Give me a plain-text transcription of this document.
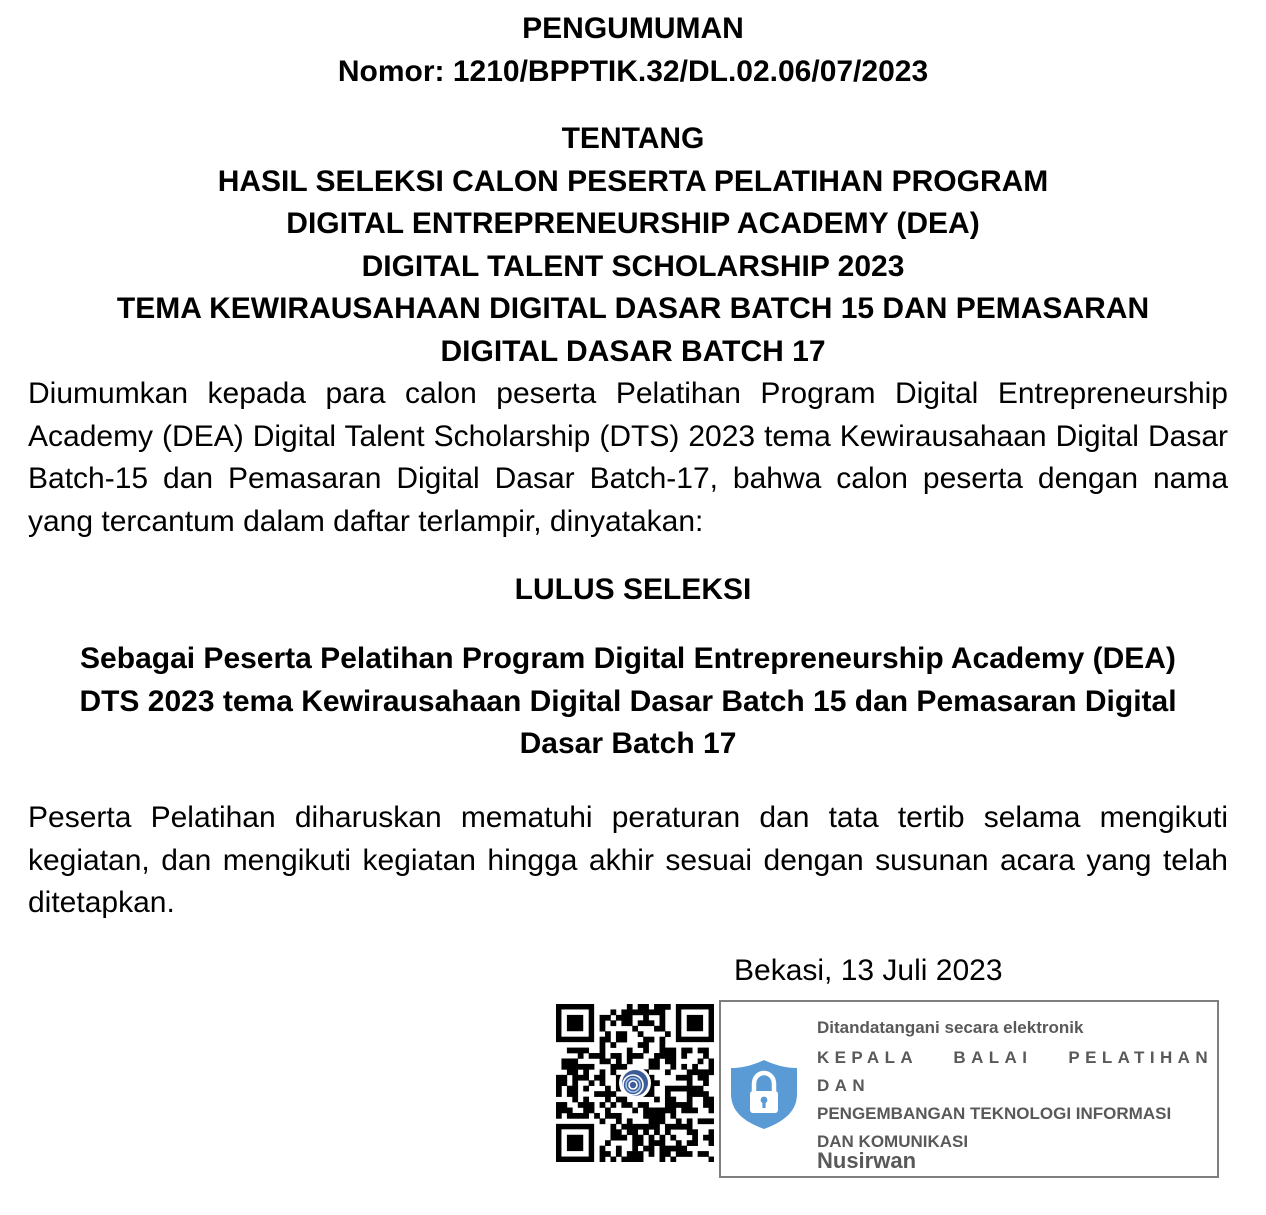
PENGUMUMAN
Nomor: 1210/BPPTIK.32/DL.02.06/07/2023
TENTANG
HASIL SELEKSI CALON PESERTA PELATIHAN PROGRAM
DIGITAL ENTREPRENEURSHIP ACADEMY (DEA)
DIGITAL TALENT SCHOLARSHIP 2023
TEMA KEWIRAUSAHAAN DIGITAL DASAR BATCH 15 DAN PEMASARAN
DIGITAL DASAR BATCH 17
Diumumkan kepada para calon peserta Pelatihan Program Digital Entrepreneurship Academy (DEA) Digital Talent Scholarship (DTS) 2023 tema Kewirausahaan Digital Dasar Batch-15 dan Pemasaran Digital Dasar Batch-17, bahwa calon peserta dengan nama yang tercantum dalam daftar terlampir, dinyatakan:
LULUS SELEKSI
Sebagai Peserta Pelatihan Program Digital Entrepreneurship Academy (DEA)
DTS 2023 tema Kewirausahaan Digital Dasar Batch 15 dan Pemasaran Digital
Dasar Batch 17
Peserta Pelatihan diharuskan mematuhi peraturan dan tata tertib selama mengikuti kegiatan, dan mengikuti kegiatan hingga akhir sesuai dengan susunan acara yang telah ditetapkan.
Bekasi, 13 Juli 2023

Ditandatangani secara elektronik

KEPALA BALAI PELATIHAN DAN
PENGEMBANGAN TEKNOLOGI INFORMASI
DAN KOMUNIKASI

Nusirwan
